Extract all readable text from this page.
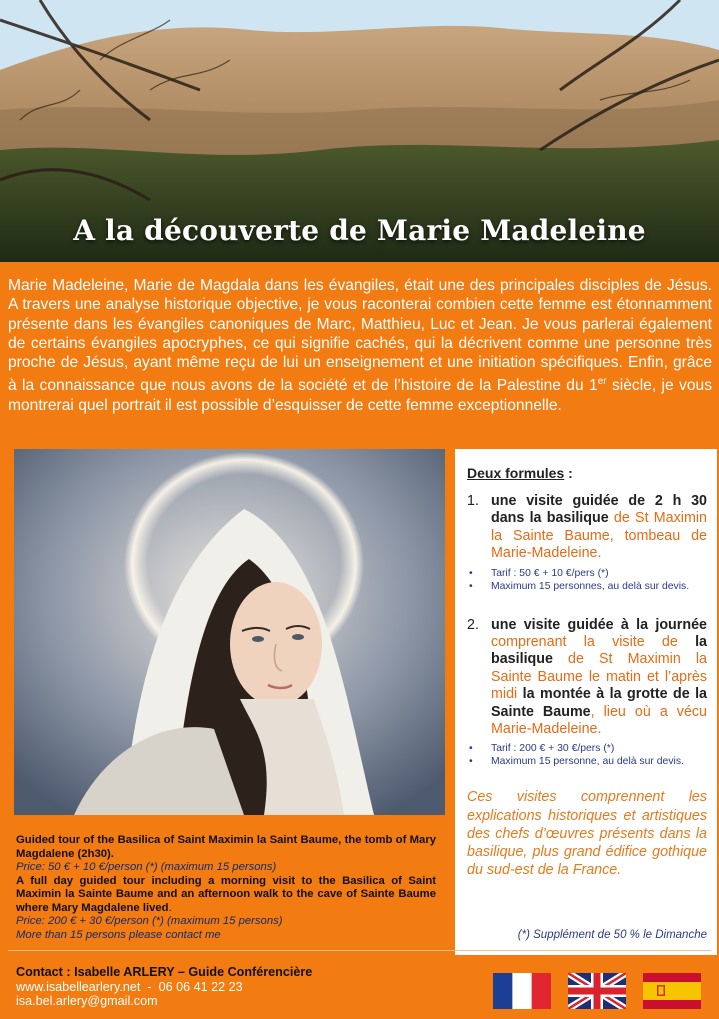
A la découverte de Marie Madeleine

Marie Madeleine, Marie de Magdala dans les évangiles, était une des principales disciples de Jésus. A travers une analyse historique objective, je vous raconterai combien cette femme est étonnamment présente dans les évangiles canoniques de Marc, Matthieu, Luc et Jean. Je vous parlerai également de certains évangiles apocryphes, ce qui signifie cachés, qui la décrivent comme une personne très proche de Jésus, ayant même reçu de lui un enseignement et une initiation spécifiques. Enfin, grâce à la connaissance que nous avons de la société et de l’histoire de la Palestine du 1er siècle, je vous montrerai quel portrait il est possible d’esquisser de cette femme exceptionnelle.

Deux formules :

1. une visite guidée de 2 h 30 dans la basilique de St Maximin la Sainte Baume, tombeau de Marie-Madeleine.
•	Tarif : 50 € + 10 €/pers (*)
•	Maximum 15 personnes, au delà sur devis.
2. une visite guidée à la journée comprenant la visite de la basilique de St Maximin la Sainte Baume le matin et l’après midi la montée à la grotte de la Sainte Baume, lieu où a vécu Marie-Madeleine.
•	Tarif : 200 € + 30 €/pers (*)
•	Maximum 15 personne, au delà sur devis.

Ces visites comprennent les explications historiques et artistiques des chefs d’œuvres présents dans la basilique, plus grand édifice gothique du sud-est de la France.

(*) Supplément de 50 % le Dimanche
Guided tour of the Basilica of Saint Maximin la Saint Baume, the tomb of Mary Magdalene (2h30).
Price: 50 € + 10 €/person (*) (maximum 15 persons)
A full day guided tour including a morning visit to the Basilica of Saint Maximin la Sainte Baume and an afternoon walk to the cave of Sainte Baume where Mary Magdalene lived.
Price: 200 € + 30 €/person (*) (maximum 15 persons)
More than 15 persons please contact me
Contact : Isabelle ARLERY – Guide Conférencière
www.isabellearlery.net  -  06 06 41 22 23
isa.bel.arlery@gmail.com
